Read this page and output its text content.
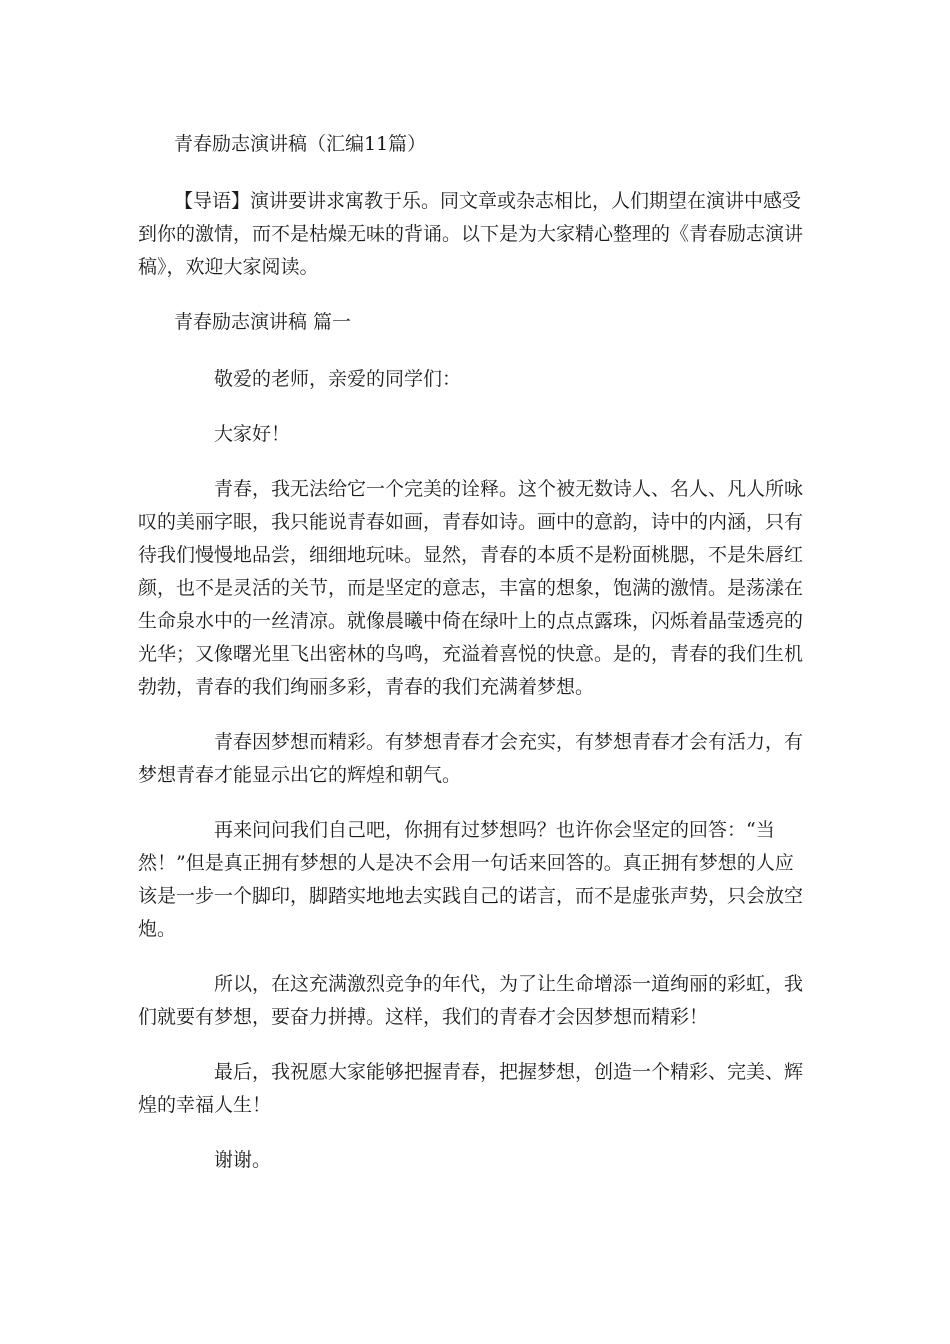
青春励志演讲稿（汇编11篇）

【导语】演讲要讲求寓教于乐。同文章或杂志相比，人们期望在演讲中感受

到你的激情，而不是枯燥无味的背诵。以下是为大家精心整理的《青春励志演讲

稿》，欢迎大家阅读。

青春励志演讲稿 篇一

敬爱的老师，亲爱的同学们：

大家好！

青春，我无法给它一个完美的诠释。这个被无数诗人、名人、凡人所咏

叹的美丽字眼，我只能说青春如画，青春如诗。画中的意韵，诗中的内涵，只有

待我们慢慢地品尝，细细地玩味。显然，青春的本质不是粉面桃腮，不是朱唇红

颜，也不是灵活的关节，而是坚定的意志，丰富的想象，饱满的激情。是荡漾在

生命泉水中的一丝清凉。就像晨曦中倚在绿叶上的点点露珠，闪烁着晶莹透亮的

光华；又像曙光里飞出密林的鸟鸣，充溢着喜悦的快意。是的，青春的我们生机

勃勃，青春的我们绚丽多彩，青春的我们充满着梦想。

青春因梦想而精彩。有梦想青春才会充实，有梦想青春才会有活力，有

梦想青春才能显示出它的辉煌和朝气。

再来问问我们自己吧，你拥有过梦想吗？也许你会坚定的回答：“当

然！”但是真正拥有梦想的人是决不会用一句话来回答的。真正拥有梦想的人应

该是一步一个脚印，脚踏实地地去实践自己的诺言，而不是虚张声势，只会放空

炮。

所以，在这充满激烈竞争的年代，为了让生命增添一道绚丽的彩虹，我

们就要有梦想，要奋力拼搏。这样，我们的青春才会因梦想而精彩！

最后，我祝愿大家能够把握青春，把握梦想，创造一个精彩、完美、辉

煌的幸福人生！

谢谢。
